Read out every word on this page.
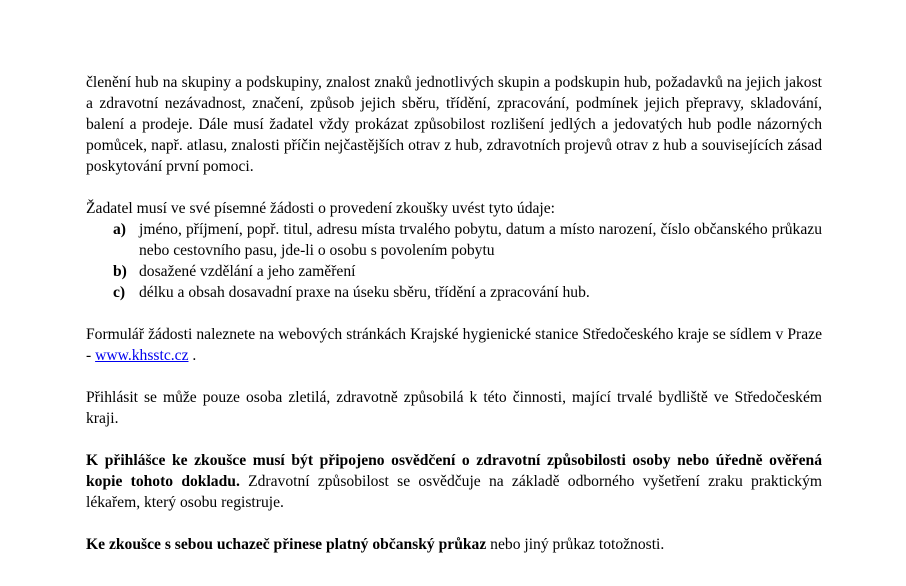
členění hub na skupiny a podskupiny, znalost znaků jednotlivých skupin a podskupin hub, požadavků na jejich jakost a zdravotní nezávadnost, značení, způsob jejich sběru, třídění, zpracování, podmínek jejich přepravy, skladování, balení a prodeje. Dále musí žadatel vždy prokázat způsobilost rozlišení jedlých a jedovatých hub podle názorných pomůcek, např. atlasu, znalosti příčin nejčastějších otrav z hub, zdravotních projevů otrav z hub a souvisejících zásad poskytování první pomoci.

Žadatel musí ve své písemné žádosti o provedení zkoušky uvést tyto údaje:

a) jméno, příjmení, popř. titul, adresu místa trvalého pobytu, datum a místo narození, číslo občanského průkazu nebo cestovního pasu, jde-li o osobu s povolením pobytu
b) dosažené vzdělání a jeho zaměření
c) délku a obsah dosavadní praxe na úseku sběru, třídění a zpracování hub.

Formulář žádosti naleznete na webových stránkách Krajské hygienické stanice Středočeského kraje se sídlem v Praze - www.khsstc.cz .

Přihlásit se může pouze osoba zletilá, zdravotně způsobilá k této činnosti, mající trvalé bydliště ve Středočeském kraji.

K přihlášce ke zkoušce musí být připojeno osvědčení o zdravotní způsobilosti osoby nebo úředně ověřená kopie tohoto dokladu. Zdravotní způsobilost se osvědčuje na základě odborného vyšetření zraku praktickým lékařem, který osobu registruje.

Ke zkoušce s sebou uchazeč přinese platný občanský průkaz nebo jiný průkaz totožnosti.
